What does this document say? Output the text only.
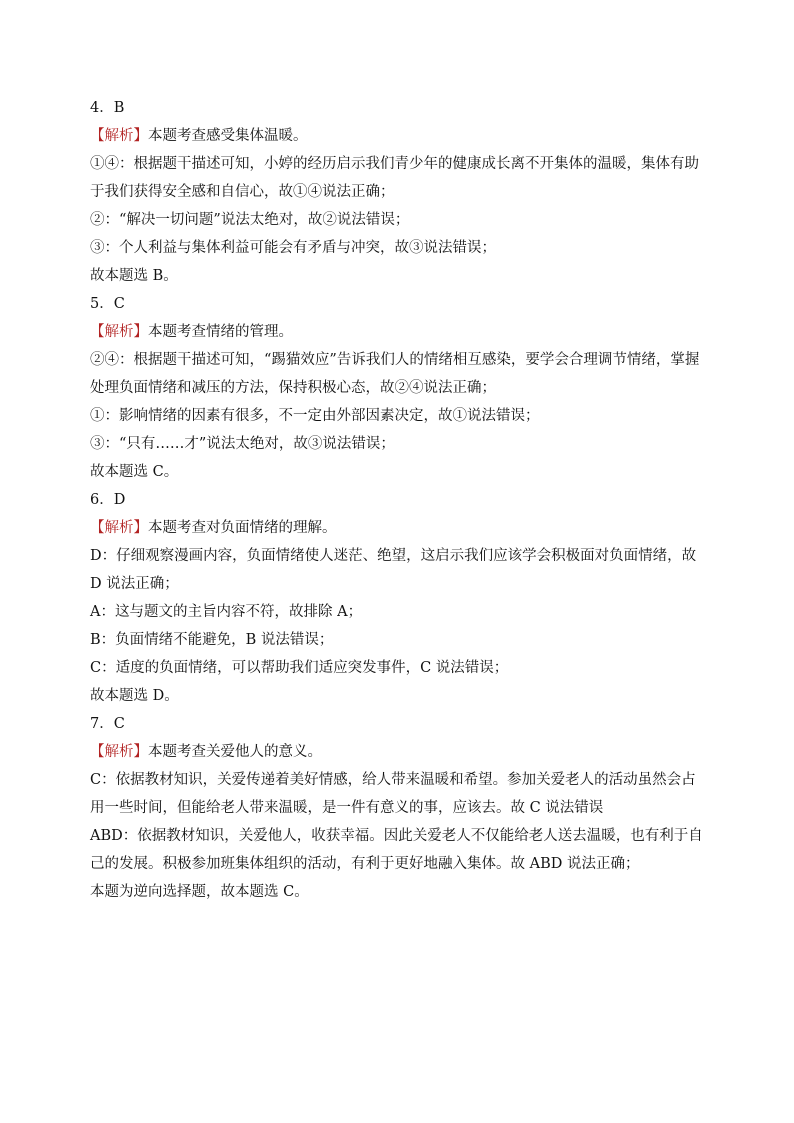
4．B
【解析】本题考查感受集体温暖。
①④：根据题干描述可知，小婷的经历启示我们青少年的健康成长离不开集体的温暖，集体有助于我们获得安全感和自信心，故①④说法正确；
②：“解决一切问题”说法太绝对，故②说法错误；
③：个人利益与集体利益可能会有矛盾与冲突，故③说法错误；
故本题选 B。
5．C
【解析】本题考查情绪的管理。
②④：根据题干描述可知，“踢猫效应”告诉我们人的情绪相互感染，要学会合理调节情绪，掌握处理负面情绪和减压的方法，保持积极心态，故②④说法正确；
①：影响情绪的因素有很多，不一定由外部因素决定，故①说法错误；
③：“只有……才”说法太绝对，故③说法错误；
故本题选 C。
6．D
【解析】本题考查对负面情绪的理解。
D：仔细观察漫画内容，负面情绪使人迷茫、绝望，这启示我们应该学会积极面对负面情绪，故 D 说法正确；
A：这与题文的主旨内容不符，故排除 A；
B：负面情绪不能避免，B 说法错误；
C：适度的负面情绪，可以帮助我们适应突发事件，C 说法错误；
故本题选 D。
7．C
【解析】本题考查关爱他人的意义。
C：依据教材知识，关爱传递着美好情感，给人带来温暖和希望。参加关爱老人的活动虽然会占用一些时间，但能给老人带来温暖，是一件有意义的事，应该去。故 C 说法错误
ABD：依据教材知识，关爱他人，收获幸福。因此关爱老人不仅能给老人送去温暖，也有利于自己的发展。积极参加班集体组织的活动，有利于更好地融入集体。故 ABD 说法正确；
本题为逆向选择题，故本题选 C。
